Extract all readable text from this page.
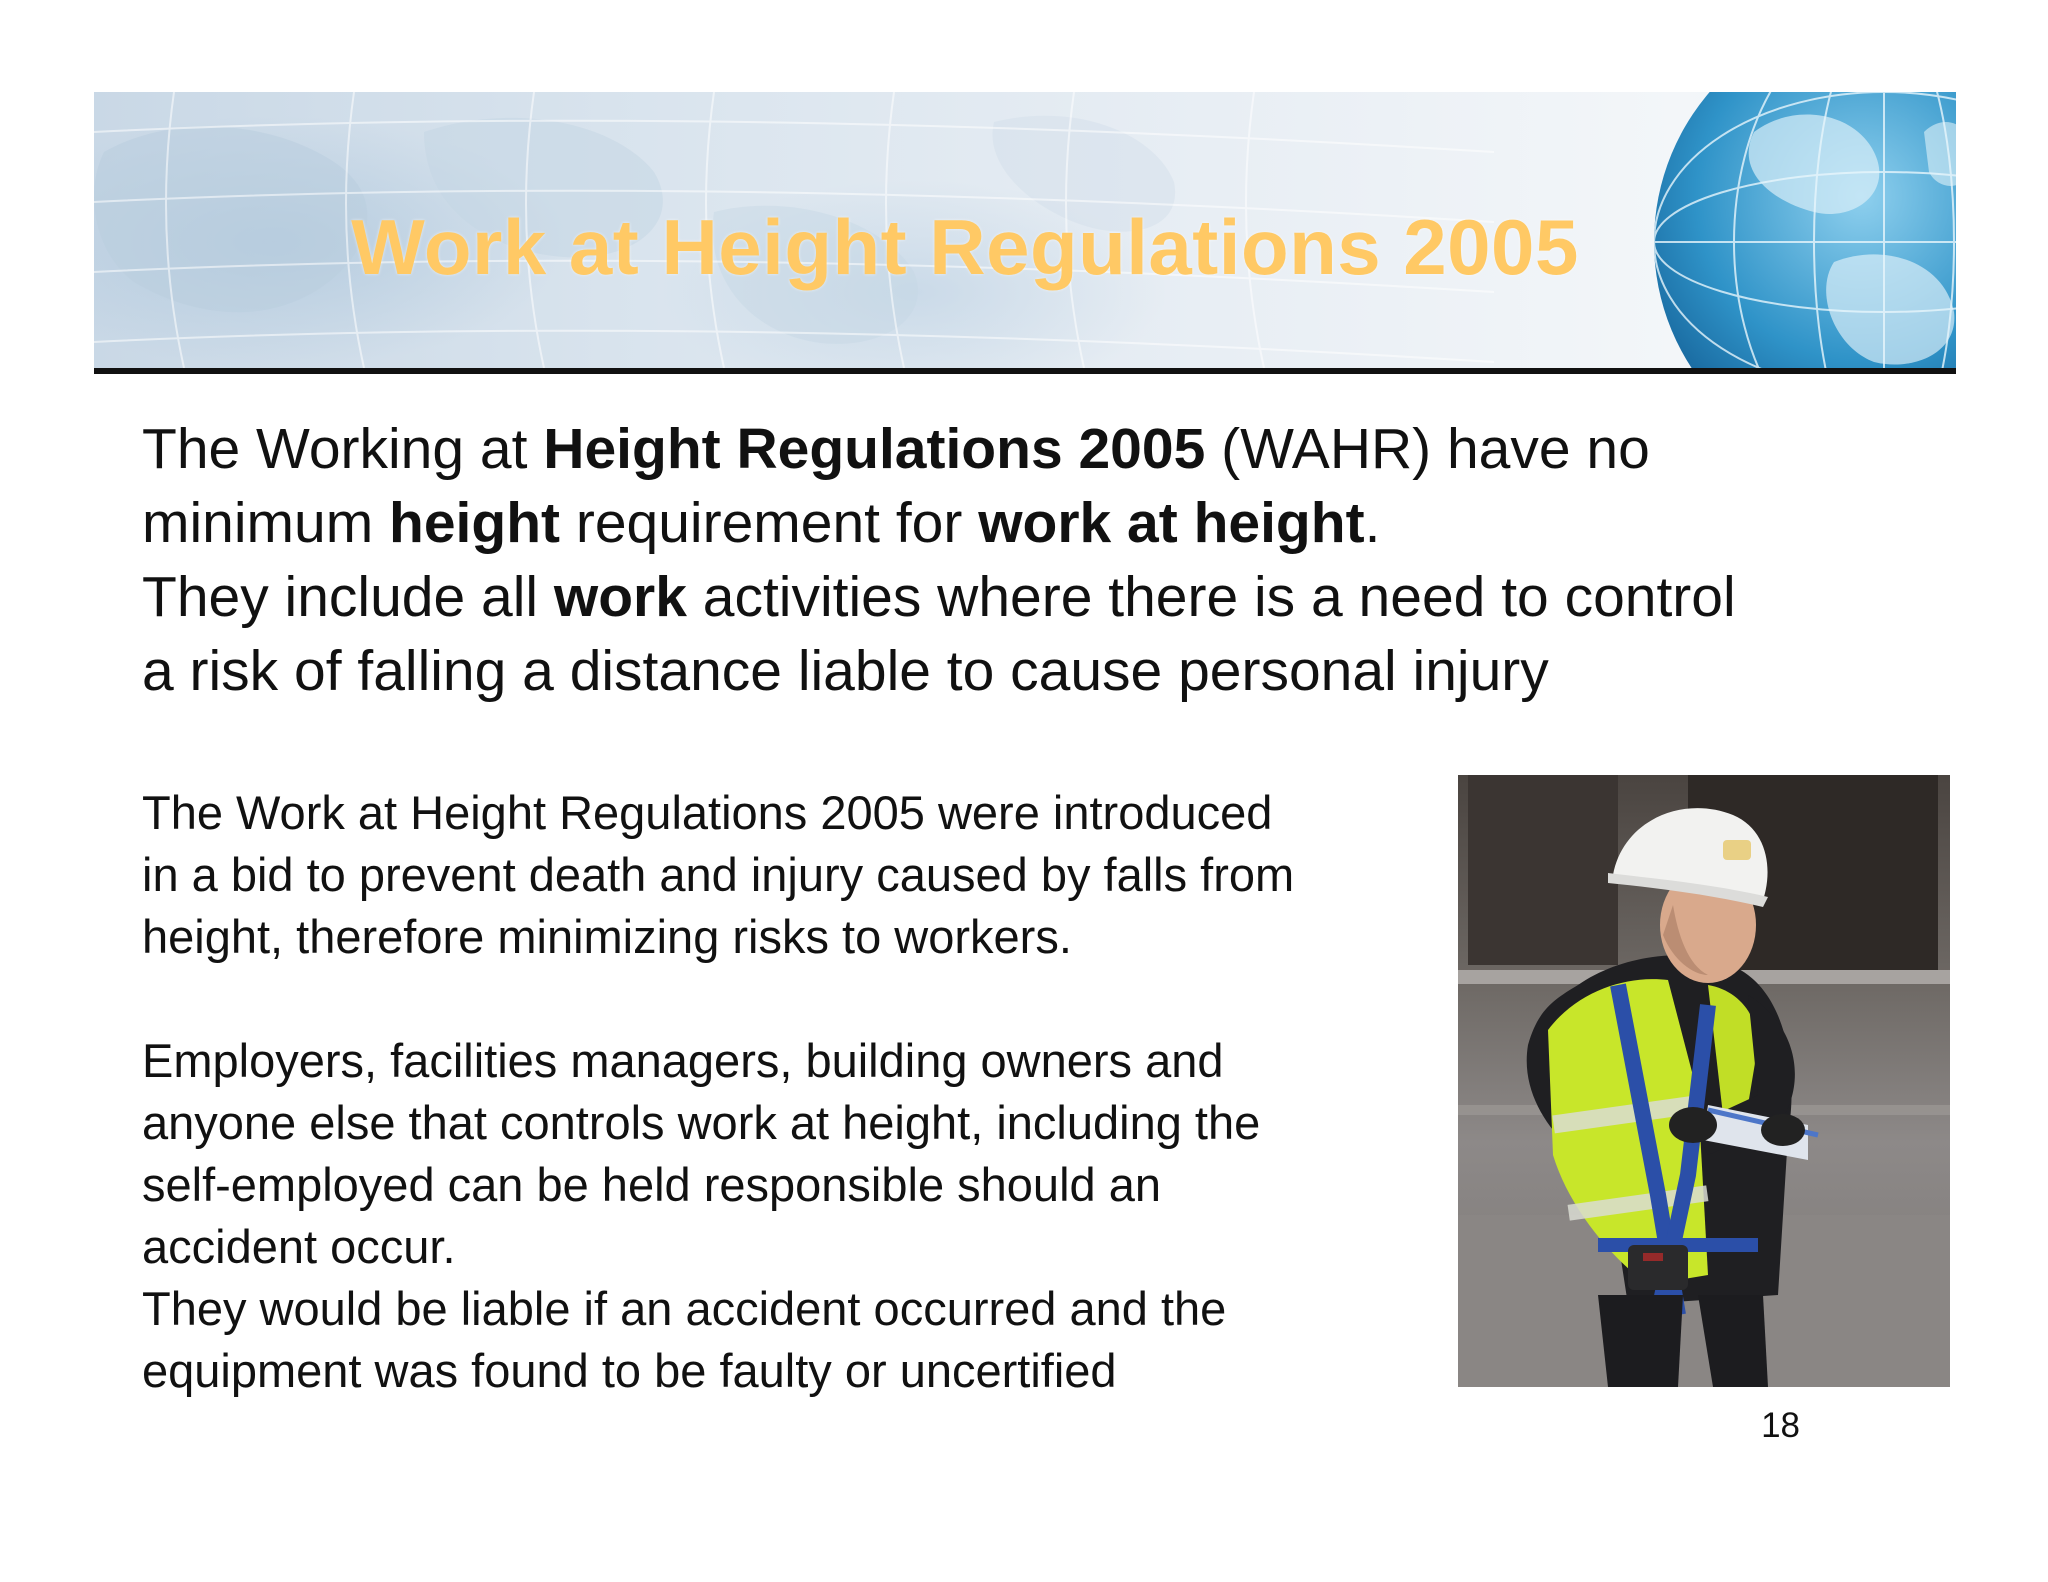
Work at Height Regulations 2005

The Working at Height Regulations 2005 (WAHR) have no
minimum height requirement for work at height.
They include all work activities where there is a need to control
a risk of falling a distance liable to cause personal injury

The Work at Height Regulations 2005 were introduced
in a bid to prevent death and injury caused by falls from
height, therefore minimizing risks to workers.

Employers, facilities managers, building owners and
anyone else that controls work at height, including the
self-employed can be held responsible should an
accident occur.
They would be liable if an accident occurred and the
equipment was found to be faulty or uncertified

18
